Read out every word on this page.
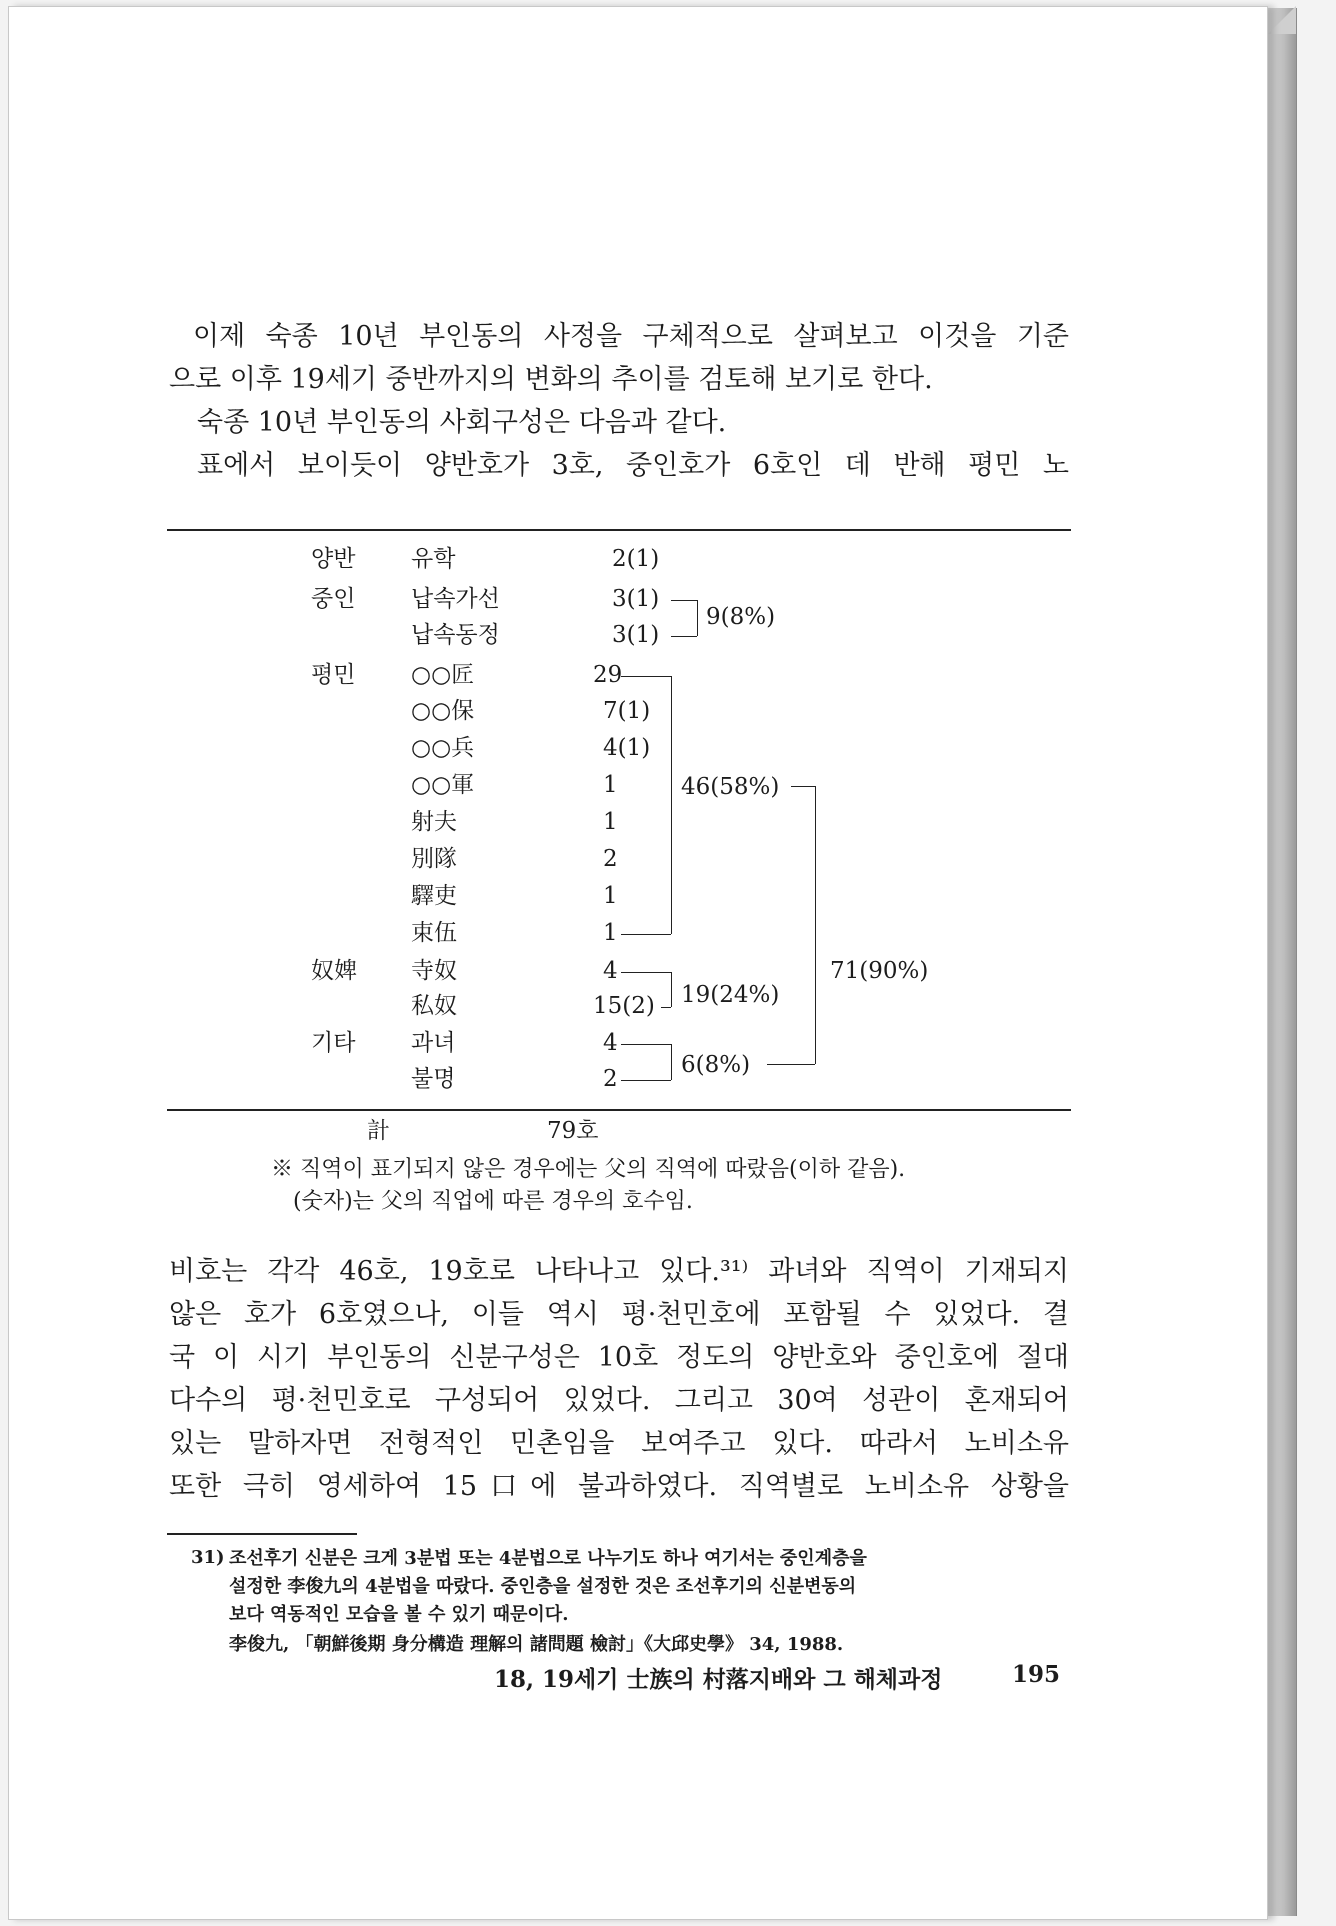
이제 숙종 10년 부인동의 사정을 구체적으로 살펴보고 이것을 기준
으로 이후 19세기 중반까지의 변화의 추이를 검토해 보기로 한다.
숙종 10년 부인동의 사회구성은 다음과 같다.
표에서 보이듯이 양반호가 3호, 중인호가 6호인 데 반해 평민 노
양반
중인
평민
奴婢
기타
유학
납속가선
납속동정
○○匠
○○保
○○兵
○○軍
射夫
別隊
驛吏
束伍
寺奴
私奴
과녀
불명
2(1)
3(1)
3(1)
29
7(1)
4(1)
1
1
2
1
1
4
15(2)
4
2
9(8%)
46(58%)
19(24%)
6(8%)
71(90%)
計	79호
※ 직역이 표기되지 않은 경우에는 父의 직역에 따랐음(이하 같음).
(숫자)는 父의 직업에 따른 경우의 호수임.
비호는 각각 46호, 19호로 나타나고 있다.³¹⁾ 과녀와 직역이 기재되지
않은 호가 6호였으나, 이들 역시 평·천민호에 포함될 수 있었다. 결
국 이 시기 부인동의 신분구성은 10호 정도의 양반호와 중인호에 절대
다수의 평·천민호로 구성되어 있었다. 그리고 30여 성관이 혼재되어
있는 말하자면 전형적인 민촌임을 보여주고 있다. 따라서 노비소유
또한 극히 영세하여 15口에 불과하였다. 직역별로 노비소유 상황을
31) 조선후기 신분은 크게 3분법 또는 4분법으로 나누기도 하나 여기서는 중인계층을
설정한 李俊九의 4분법을 따랐다. 중인층을 설정한 것은 조선후기의 신분변동의
보다 역동적인 모습을 볼 수 있기 때문이다.
李俊九, 「朝鮮後期 身分構造 理解의 諸問題 檢討」《大邱史學》 34, 1988.
18, 19세기 士族의 村落지배와 그 해체과정	195
